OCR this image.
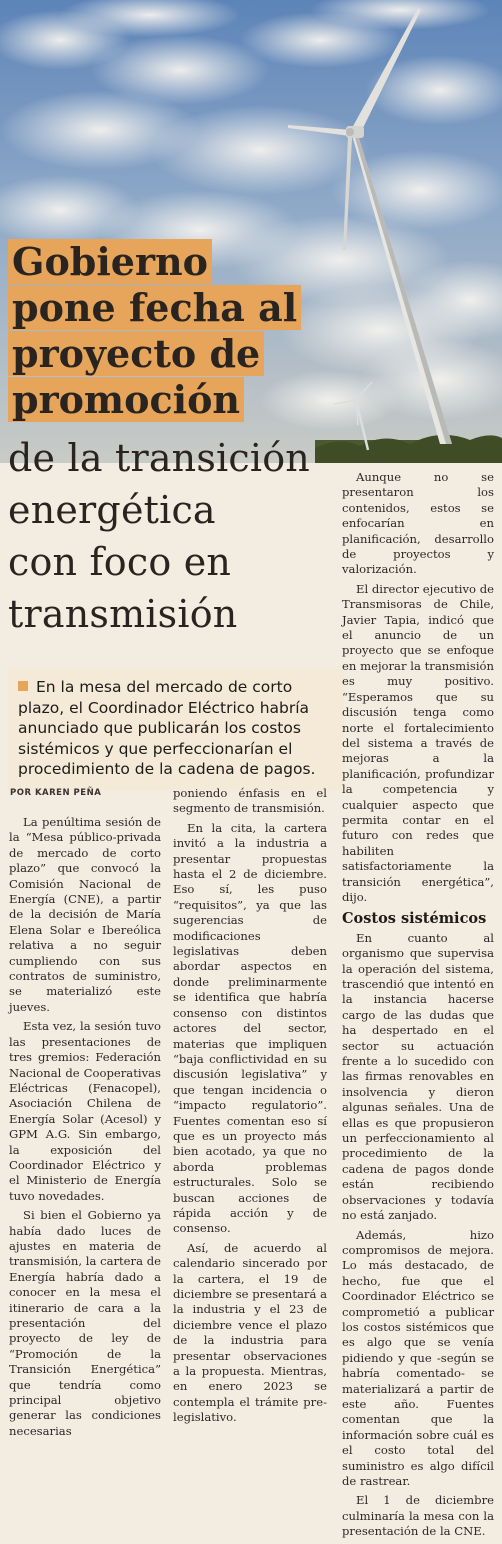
Gobierno
pone fecha al
proyecto de
promoción
de la transición
energética
con foco en
transmisión
En la mesa del mercado de corto plazo, el Coordinador Eléctrico habría anunciado que publicarán los costos sistémicos y que perfeccionarían el procedimiento de la cadena de pagos.
POR KAREN PEÑA

La penúltima sesión de la “Mesa público-privada de mercado de corto plazo” que convocó la Comisión Nacional de Energía (CNE), a partir de la decisión de María Elena Solar e Ibereólica relativa a no seguir cumpliendo con sus contratos de suministro, se materializó este jueves.

Esta vez, la sesión tuvo las presentaciones de tres gremios: Federación Nacional de Cooperativas Eléctricas (Fenacopel), Asociación Chilena de Energía Solar (Acesol) y GPM A.G. Sin embargo, la exposición del Coordinador Eléctrico y el Ministerio de Energía tuvo novedades.

Si bien el Gobierno ya había dado luces de ajustes en materia de transmisión, la cartera de Energía habría dado a conocer en la mesa el itinerario de cara a la presentación del proyecto de ley de “Promoción de la Transición Energética” que tendría como principal objetivo generar las condiciones necesarias

poniendo énfasis en el segmento de transmisión.

En la cita, la cartera invitó a la industria a presentar propuestas hasta el 2 de diciembre. Eso sí, les puso “requisitos”, ya que las sugerencias de modificaciones legislativas deben abordar aspectos en donde preliminarmente se identifica que habría consenso con distintos actores del sector, materias que impliquen “baja conflictividad en su discusión legislativa” y que tengan incidencia o “impacto regulatorio”. Fuentes comentan eso sí que es un proyecto más bien acotado, ya que no aborda problemas estructurales. Solo se buscan acciones de rápida acción y de consenso.

Así, de acuerdo al calendario sincerado por la cartera, el 19 de diciembre se presentará a la industria y el 23 de diciembre vence el plazo de la industria para presentar observaciones a la propuesta. Mientras, en enero 2023 se contempla el trámite pre-legislativo.

Aunque no se presentaron los contenidos, estos se enfocarían en planificación, desarrollo de proyectos y valorización.

El director ejecutivo de Transmisoras de Chile, Javier Tapia, indicó que el anuncio de un proyecto que se enfoque en mejorar la transmisión es muy positivo. “Esperamos que su discusión tenga como norte el fortalecimiento del sistema a través de mejoras a la planificación, profundizar la competencia y cualquier aspecto que permita contar en el futuro con redes que habiliten satisfactoriamente la transición energética”, dijo.

Costos sistémicos

En cuanto al organismo que supervisa la operación del sistema, trascendió que intentó en la instancia hacerse cargo de las dudas que ha despertado en el sector su actuación frente a lo sucedido con las firmas renovables en insolvencia y dieron algunas señales. Una de ellas es que propusieron un perfeccionamiento al procedimiento de la cadena de pagos donde están recibiendo observaciones y todavía no está zanjado.

Además, hizo compromisos de mejora. Lo más destacado, de hecho, fue que el Coordinador Eléctrico se comprometió a publicar los costos sistémicos que es algo que se venía pidiendo y que -según se habría comentado- se materializará a partir de este año. Fuentes comentan que la información sobre cuál es el costo total del suministro es algo difícil de rastrear.

El 1 de diciembre culminaría la mesa con la presentación de la CNE.
